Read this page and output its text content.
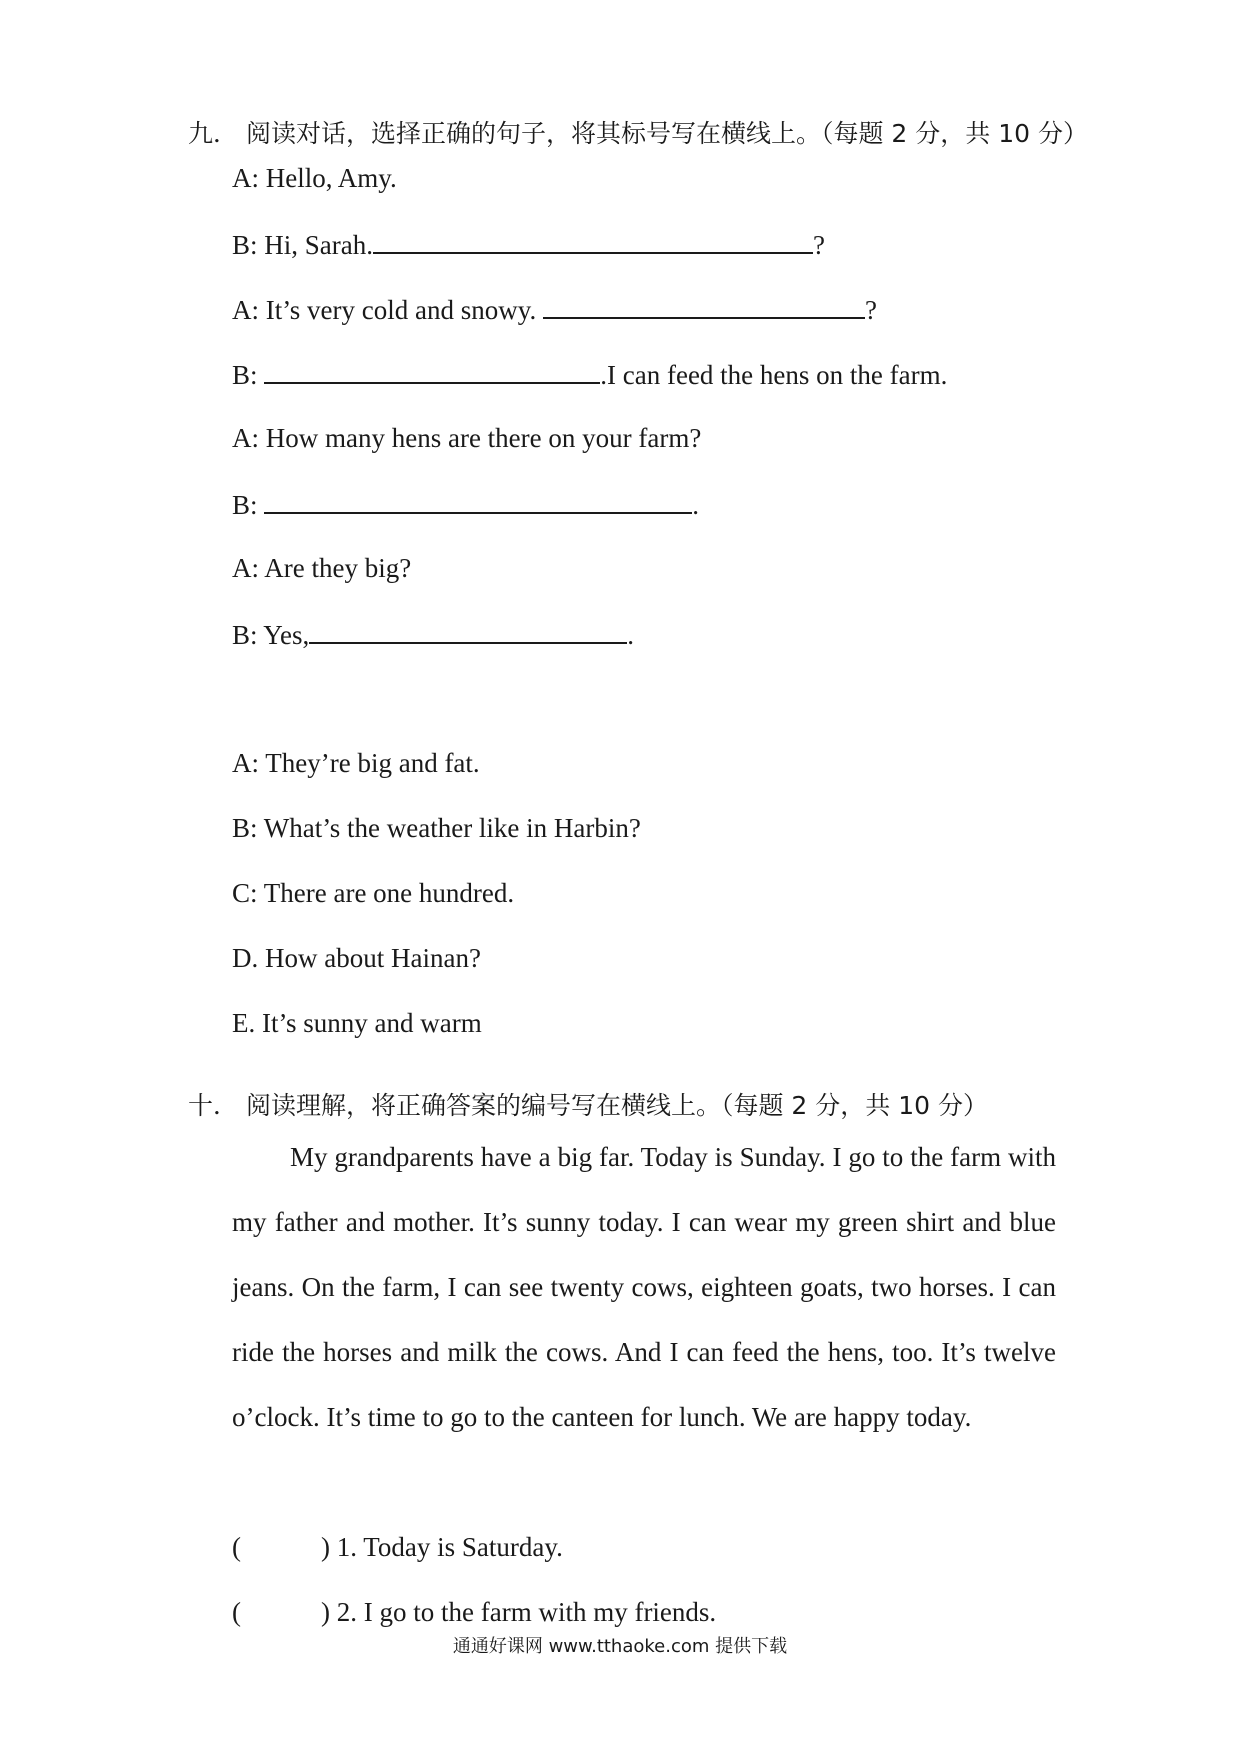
九． 阅读对话，选择正确的句子，将其标号写在横线上。（每题 2 分，共 10 分）
A: Hello, Amy.
B: Hi, Sarah.	?
A: It’s very cold and snowy.	?
B:	.I can feed the hens on the farm.
A: How many hens are there on your farm?
B:	.
A: Are they big?
B: Yes,	.
A: They’re big and fat.
B: What’s the weather like in Harbin?
C: There are one hundred.
D. How about Hainan?
E. It’s sunny and warm
十． 阅读理解，将正确答案的编号写在横线上。（每题 2 分，共 10 分）
My grandparents have a big far. Today is Sunday. I go to the farm with my father and mother. It’s sunny today. I can wear my green shirt and blue jeans. On the farm, I can see twenty cows, eighteen goats, two horses. I can ride the horses and milk the cows. And I can feed the hens, too. It’s twelve o’clock. It’s time to go to the canteen for lunch. We are happy today.
(	) 1. Today is Saturday.
(	) 2. I go to the farm with my friends.
通通好课网 www.tthaoke.com 提供下载
